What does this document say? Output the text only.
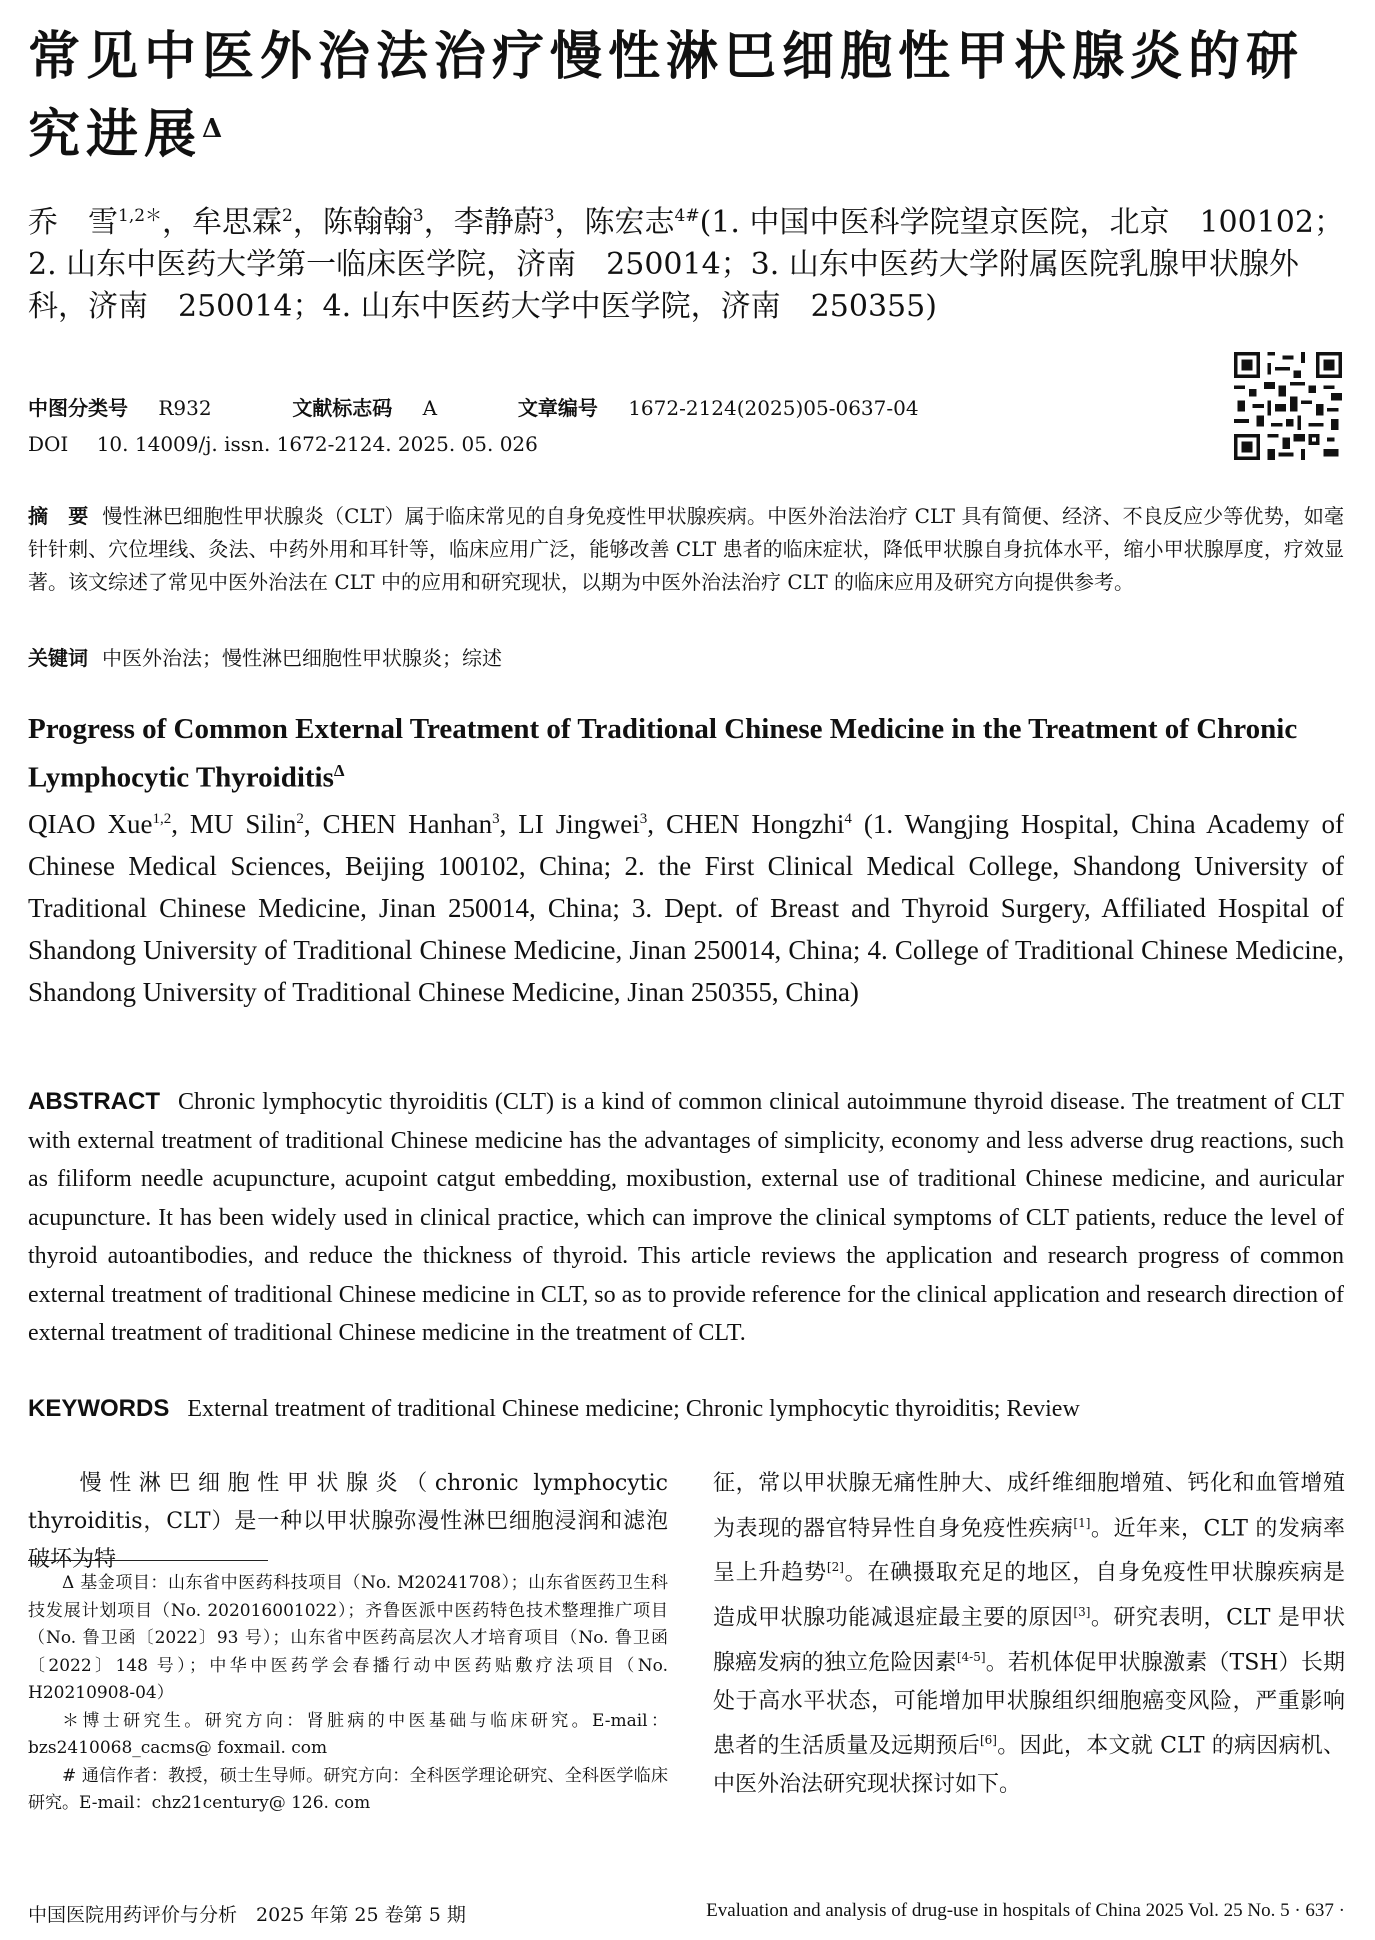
常见中医外治法治疗慢性淋巴细胞性甲状腺炎的研究进展$^\Delta$
乔　雪$^{1,2*}$，牟思霖$^2$，陈翰翰$^3$，李静蔚$^3$，陈宏志$^{4\#}$(1. 中国中医科学院望京医院，北京　100102；2. 山东中医药大学第一临床医学院，济南　250014；3. 山东中医药大学附属医院乳腺甲状腺外科，济南　250014；4. 山东中医药大学中医学院，济南　250355)
中图分类号 R932	文献标志码 A	文章编号 1672-2124(2025)05-0637-04
DOI 10. 14009/j. issn. 1672-2124. 2025. 05. 026
摘　要 慢性淋巴细胞性甲状腺炎（CLT）属于临床常见的自身免疫性甲状腺疾病。中医外治法治疗 CLT 具有简便、经济、不良反应少等优势，如毫针针刺、穴位埋线、灸法、中药外用和耳针等，临床应用广泛，能够改善 CLT 患者的临床症状，降低甲状腺自身抗体水平，缩小甲状腺厚度，疗效显著。该文综述了常见中医外治法在 CLT 中的应用和研究现状，以期为中医外治法治疗 CLT 的临床应用及研究方向提供参考。
关键词 中医外治法；慢性淋巴细胞性甲状腺炎；综述
Progress of Common External Treatment of Traditional Chinese Medicine in the Treatment of Chronic Lymphocytic Thyroiditis$^\Delta$
QIAO Xue$^{1,2}$, MU Silin$^2$, CHEN Hanhan$^3$, LI Jingwei$^3$, CHEN Hongzhi$^4$ (1. Wangjing Hospital, China Academy of Chinese Medical Sciences, Beijing 100102, China; 2. the First Clinical Medical College, Shandong University of Traditional Chinese Medicine, Jinan 250014, China; 3. Dept. of Breast and Thyroid Surgery, Affiliated Hospital of Shandong University of Traditional Chinese Medicine, Jinan 250014, China; 4. College of Traditional Chinese Medicine, Shandong University of Traditional Chinese Medicine, Jinan 250355, China)
ABSTRACT Chronic lymphocytic thyroiditis (CLT) is a kind of common clinical autoimmune thyroid disease. The treatment of CLT with external treatment of traditional Chinese medicine has the advantages of simplicity, economy and less adverse drug reactions, such as filiform needle acupuncture, acupoint catgut embedding, moxibustion, external use of traditional Chinese medicine, and auricular acupuncture. It has been widely used in clinical practice, which can improve the clinical symptoms of CLT patients, reduce the level of thyroid autoantibodies, and reduce the thickness of thyroid. This article reviews the application and research progress of common external treatment of traditional Chinese medicine in CLT, so as to provide reference for the clinical application and research direction of external treatment of traditional Chinese medicine in the treatment of CLT.
KEYWORDS External treatment of traditional Chinese medicine; Chronic lymphocytic thyroiditis; Review
慢性淋巴细胞性甲状腺炎（chronic lymphocytic thyroiditis，CLT）是一种以甲状腺弥漫性淋巴细胞浸润和滤泡破坏为特

Δ 基金项目：山东省中医药科技项目（No. M20241708）；山东省医药卫生科技发展计划项目（No. 202016001022）；齐鲁医派中医药特色技术整理推广项目（No. 鲁卫函〔2022〕93 号）；山东省中医药高层次人才培育项目（No. 鲁卫函〔2022〕148 号）；中华中医药学会春播行动中医药贴敷疗法项目（No. H20210908-04）

＊博士研究生。研究方向：肾脏病的中医基础与临床研究。E-mail：bzs2410068_cacms@ foxmail. com

# 通信作者：教授，硕士生导师。研究方向：全科医学理论研究、全科医学临床研究。E-mail：chz21century@ 126. com

征，常以甲状腺无痛性肿大、成纤维细胞增殖、钙化和血管增殖为表现的器官特异性自身免疫性疾病[1]。近年来，CLT 的发病率呈上升趋势[2]。在碘摄取充足的地区，自身免疫性甲状腺疾病是造成甲状腺功能减退症最主要的原因[3]。研究表明，CLT 是甲状腺癌发病的独立危险因素[4-5]。若机体促甲状腺激素（TSH）长期处于高水平状态，可能增加甲状腺组织细胞癌变风险，严重影响患者的生活质量及远期预后[6]。因此，本文就 CLT 的病因病机、中医外治法研究现状探讨如下。
中国医院用药评价与分析　2025 年第 25 卷第 5 期	Evaluation and analysis of drug-use in hospitals of China 2025 Vol. 25 No. 5 · 637 ·
